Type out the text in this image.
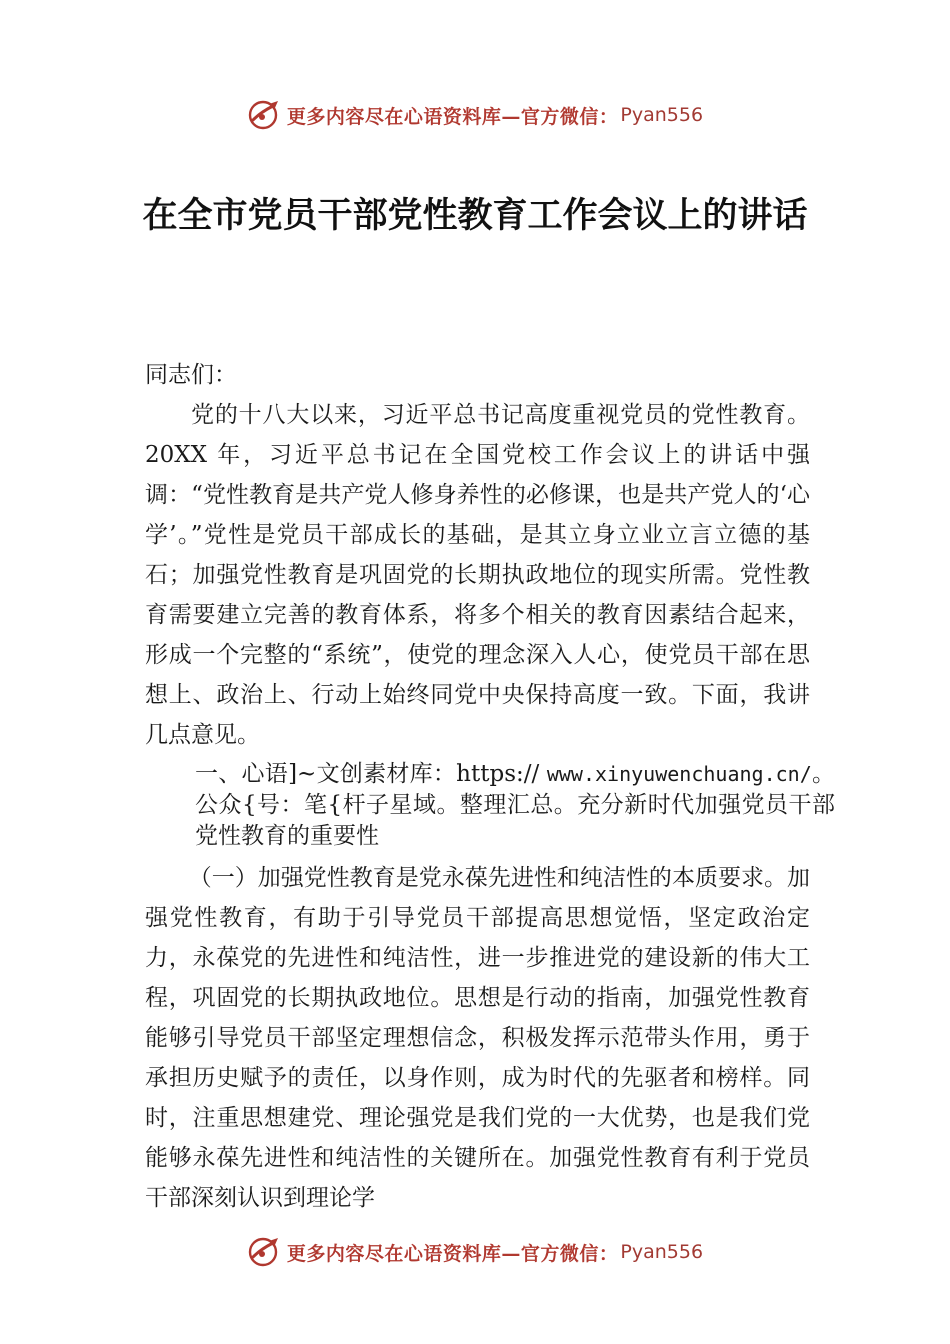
更多内容尽在心语资料库—官方微信： Pyan556
在全市党员干部党性教育工作会议上的讲话

同志们：

党的十八大以来，习近平总书记高度重视党员的党性教育。20XX 年，习近平总书记在全国党校工作会议上的讲话中强调：“党性教育是共产党人修身养性的必修课，也是共产党人的‘心学’。”党性是党员干部成长的基础，是其立身立业立言立德的基石；加强党性教育是巩固党的长期执政地位的现实所需。党性教育需要建立完善的教育体系，将多个相关的教育因素结合起来，形成一个完整的“系统”，使党的理念深入人心，使党员干部在思想上、政治上、行动上始终同党中央保持高度一致。下面，我讲几点意见。

一、心语]~文创素材库：https:// www.xinyuwenchuang.cn/。公众{号：笔{杆子星域。整理汇总。充分新时代加强党员干部党性教育的重要性

（一）加强党性教育是党永葆先进性和纯洁性的本质要求。加强党性教育，有助于引导党员干部提高思想觉悟，坚定政治定力，永葆党的先进性和纯洁性，进一步推进党的建设新的伟大工程，巩固党的长期执政地位。思想是行动的指南，加强党性教育能够引导党员干部坚定理想信念，积极发挥示范带头作用，勇于承担历史赋予的责任，以身作则，成为时代的先驱者和榜样。同时，注重思想建党、理论强党是我们党的一大优势，也是我们党能够永葆先进性和纯洁性的关键所在。加强党性教育有利于党员干部深刻认识到理论学

更多内容尽在心语资料库—官方微信： Pyan556
